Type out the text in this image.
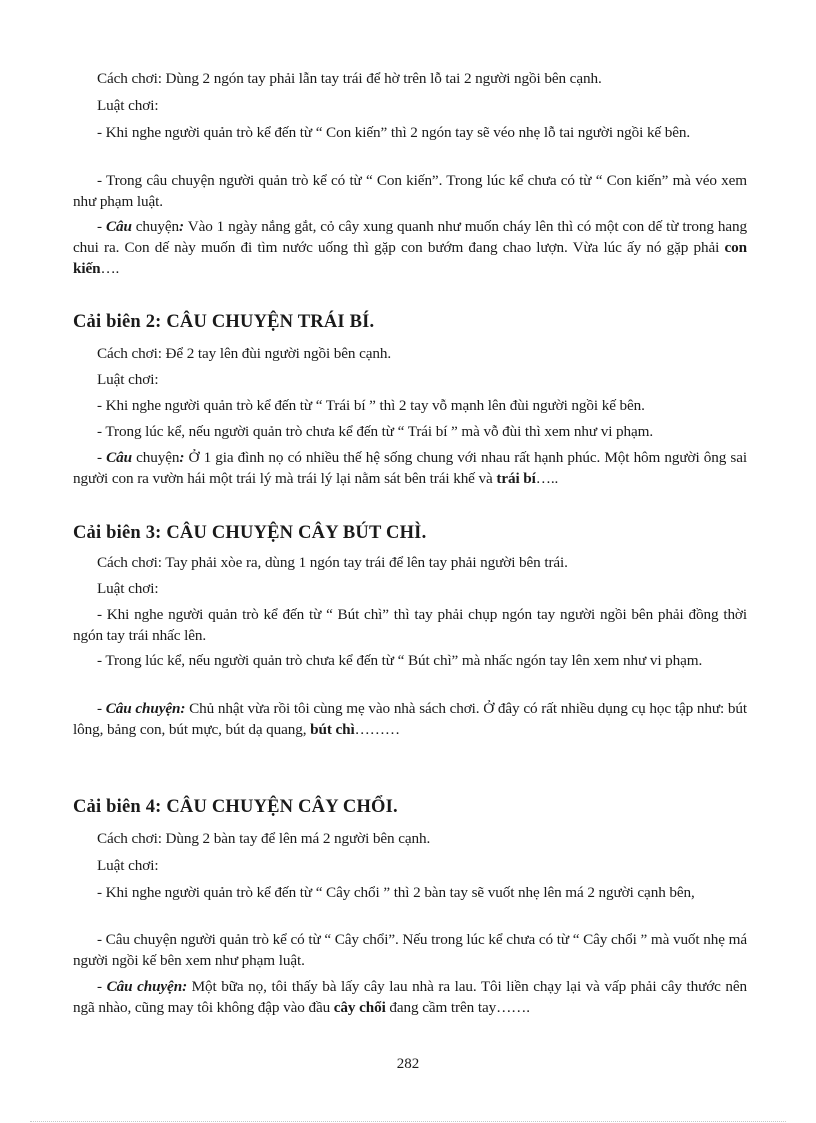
Cách chơi: Dùng 2 ngón tay phải lẫn tay trái để hờ trên lỗ tai 2 người ngồi bên cạnh.

Luật chơi:

- Khi nghe người quản trò kể đến từ “ Con kiến” thì 2 ngón tay sẽ véo nhẹ lỗ tai người ngồi kế bên.

- Trong câu chuyện người quản trò kể có từ “ Con kiến”. Trong lúc kể chưa có từ “ Con kiến” mà véo xem như phạm luật.

- Câu chuyện: Vào 1 ngày nắng gắt, cỏ cây xung quanh như muốn cháy lên thì có một con dế từ trong hang chui ra. Con dế này muốn đi tìm nước uống thì gặp con bướm đang chao lượn. Vừa lúc ấy nó gặp phải con kiến….

Cải biên 2: CÂU CHUYỆN TRÁI BÍ.

Cách chơi: Để 2 tay lên đùi người ngồi bên cạnh.

Luật chơi:

- Khi nghe người quản trò kể đến từ “ Trái bí ” thì 2 tay vỗ mạnh lên đùi người ngồi kế bên.

- Trong lúc kể, nếu người quản trò chưa kể đến từ “ Trái bí ” mà vỗ đùi thì xem như vi phạm.

- Câu chuyện: Ở 1 gia đình nọ có nhiều thế hệ sống chung với nhau rất hạnh phúc. Một hôm người ông sai người con ra vườn hái một trái lý mà trái lý lại nằm sát bên trái khế và trái bí…..

Cải biên 3: CÂU CHUYỆN CÂY BÚT CHÌ.

Cách chơi: Tay phải xòe ra, dùng 1 ngón tay trái để lên tay phải người bên trái.

Luật chơi:

- Khi nghe người quản trò kể đến từ “ Bút chì” thì tay phải chụp ngón tay người ngồi bên phải đồng thời ngón tay trái nhấc lên.

- Trong lúc kể, nếu người quản trò chưa kể đến từ “ Bút chì” mà nhấc ngón tay lên xem như vi phạm.

- Câu chuyện: Chủ nhật vừa rồi tôi cùng mẹ vào nhà sách chơi. Ở đây có rất nhiều dụng cụ học tập như: bút lông, bảng con, bút mực, bút dạ quang, bút chì………

Cải biên 4: CÂU CHUYỆN CÂY CHỔI.

Cách chơi: Dùng 2 bàn tay để lên má 2 người bên cạnh.

Luật chơi:

- Khi nghe người quản trò kể đến từ “ Cây chổi ” thì 2 bàn tay sẽ vuốt nhẹ lên má 2 người cạnh bên,

- Câu chuyện người quản trò kể có từ “ Cây chổi”. Nếu trong lúc kể chưa có từ “ Cây chổi ” mà vuốt nhẹ má người ngồi kế bên xem như phạm luật.

- Câu chuyện: Một bữa nọ, tôi thấy bà lấy cây lau nhà ra lau. Tôi liền chạy lại và vấp phải cây thước nên ngã nhào, cũng may tôi không đập vào đầu cây chổi đang cầm trên tay…….

282
